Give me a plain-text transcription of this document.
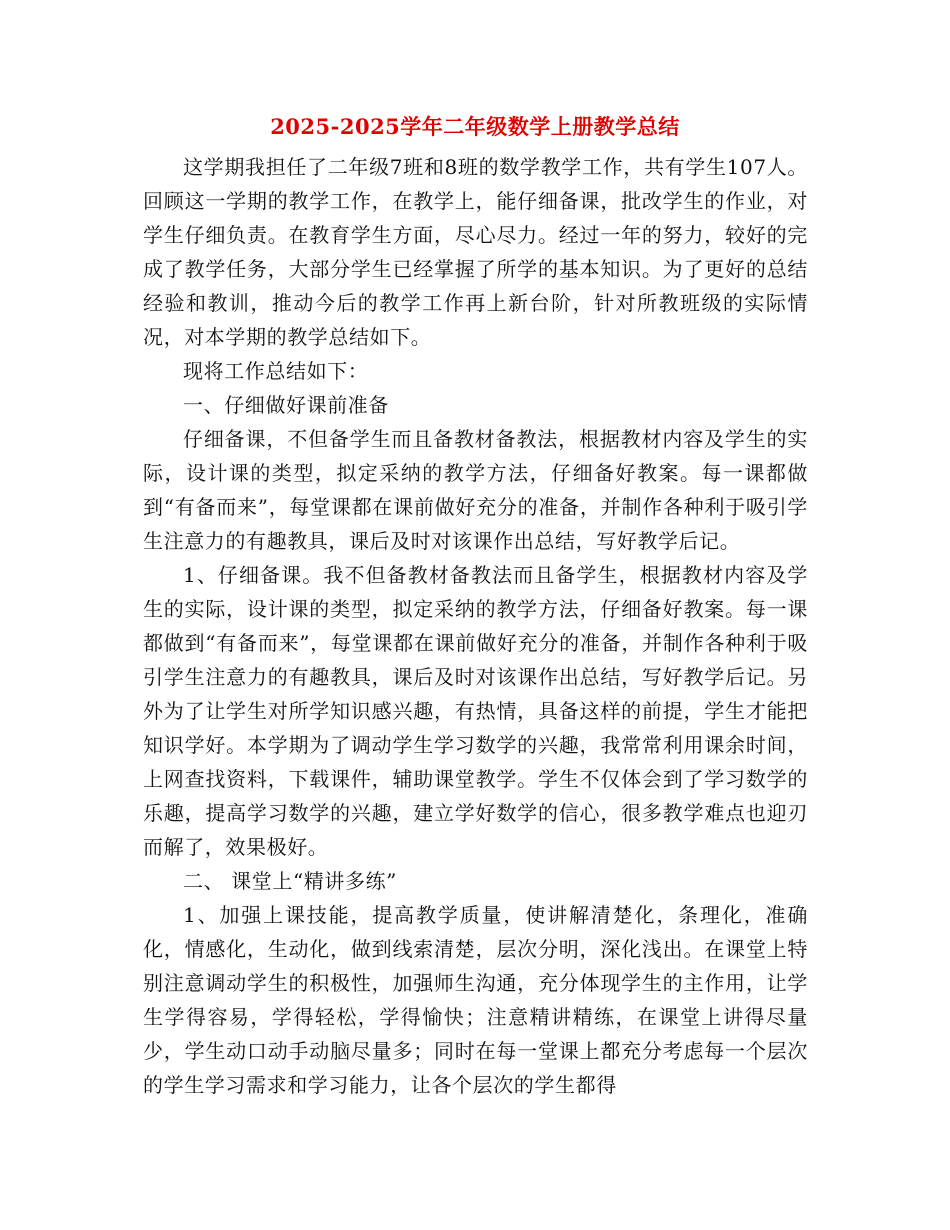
2025-2025学年二年级数学上册教学总结

这学期我担任了二年级7班和8班的数学教学工作，共有学生107人。回顾这一学期的教学工作，在教学上，能仔细备课，批改学生的作业，对学生仔细负责。在教育学生方面，尽心尽力。经过一年的努力，较好的完成了教学任务，大部分学生已经掌握了所学的基本知识。为了更好的总结经验和教训，推动今后的教学工作再上新台阶，针对所教班级的实际情况，对本学期的教学总结如下。

现将工作总结如下：

一、仔细做好课前准备

仔细备课，不但备学生而且备教材备教法，根据教材内容及学生的实际，设计课的类型，拟定采纳的教学方法，仔细备好教案。每一课都做到“有备而来”，每堂课都在课前做好充分的准备，并制作各种利于吸引学生注意力的有趣教具，课后及时对该课作出总结，写好教学后记。

1、仔细备课。我不但备教材备教法而且备学生，根据教材内容及学生的实际，设计课的类型，拟定采纳的教学方法，仔细备好教案。每一课都做到“有备而来”，每堂课都在课前做好充分的准备，并制作各种利于吸引学生注意力的有趣教具，课后及时对该课作出总结，写好教学后记。另外为了让学生对所学知识感兴趣，有热情，具备这样的前提，学生才能把知识学好。本学期为了调动学生学习数学的兴趣，我常常利用课余时间，上网查找资料，下载课件，辅助课堂教学。学生不仅体会到了学习数学的乐趣，提高学习数学的兴趣，建立学好数学的信心，很多教学难点也迎刃而解了，效果极好。

二、 课堂上“精讲多练”

1、加强上课技能，提高教学质量，使讲解清楚化，条理化，准确化，情感化，生动化，做到线索清楚，层次分明，深化浅出。在课堂上特别注意调动学生的积极性，加强师生沟通，充分体现学生的主作用，让学生学得容易，学得轻松，学得愉快；注意精讲精练，在课堂上讲得尽量少，学生动口动手动脑尽量多；同时在每一堂课上都充分考虑每一个层次的学生学习需求和学习能力，让各个层次的学生都得
